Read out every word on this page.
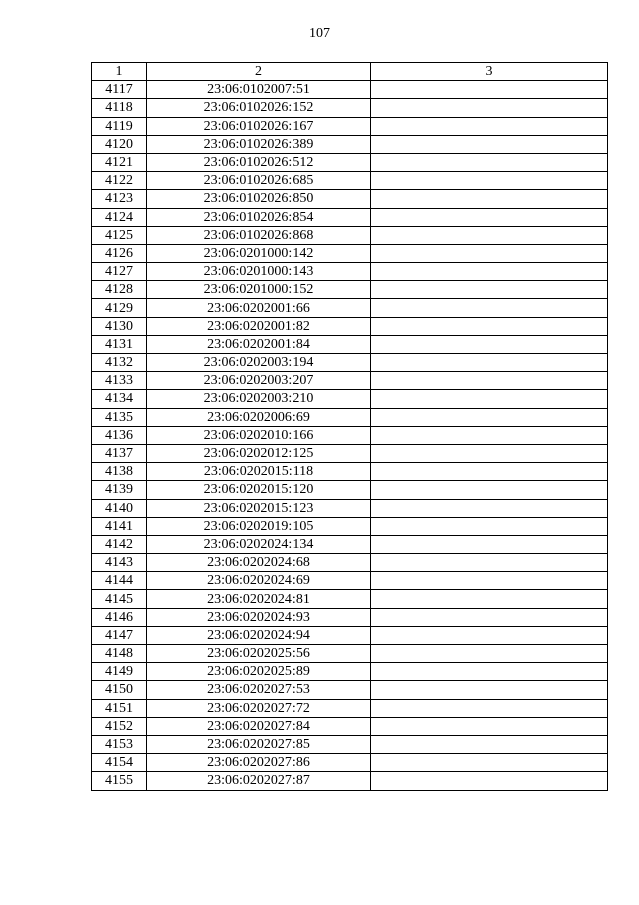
107
1	2	3
4117	23:06:0102007:51	
4118	23:06:0102026:152	
4119	23:06:0102026:167	
4120	23:06:0102026:389	
4121	23:06:0102026:512	
4122	23:06:0102026:685	
4123	23:06:0102026:850	
4124	23:06:0102026:854	
4125	23:06:0102026:868	
4126	23:06:0201000:142	
4127	23:06:0201000:143	
4128	23:06:0201000:152	
4129	23:06:0202001:66	
4130	23:06:0202001:82	
4131	23:06:0202001:84	
4132	23:06:0202003:194	
4133	23:06:0202003:207	
4134	23:06:0202003:210	
4135	23:06:0202006:69	
4136	23:06:0202010:166	
4137	23:06:0202012:125	
4138	23:06:0202015:118	
4139	23:06:0202015:120	
4140	23:06:0202015:123	
4141	23:06:0202019:105	
4142	23:06:0202024:134	
4143	23:06:0202024:68	
4144	23:06:0202024:69	
4145	23:06:0202024:81	
4146	23:06:0202024:93	
4147	23:06:0202024:94	
4148	23:06:0202025:56	
4149	23:06:0202025:89	
4150	23:06:0202027:53	
4151	23:06:0202027:72	
4152	23:06:0202027:84	
4153	23:06:0202027:85	
4154	23:06:0202027:86	
4155	23:06:0202027:87	
